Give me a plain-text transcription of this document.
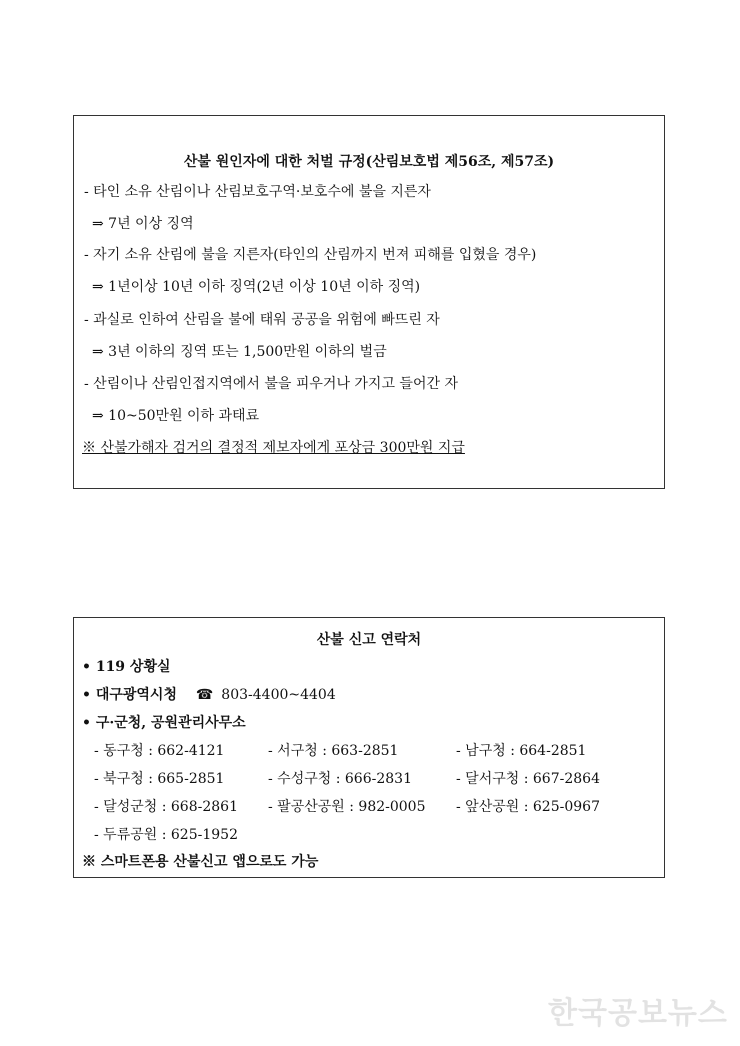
산불 원인자에 대한 처벌 규정(산림보호법 제56조, 제57조)
- 타인 소유 산림이나 산림보호구역·보호수에 불을 지른자
⇒ 7년 이상 징역
- 자기 소유 산림에 불을 지른자(타인의 산림까지 번져 피해를 입혔을 경우)
⇒ 1년이상 10년 이하 징역(2년 이상 10년 이하 징역)
- 과실로 인하여 산림을 불에 태워 공공을 위험에 빠뜨린 자
⇒ 3년 이하의 징역 또는 1,500만원 이하의 벌금
- 산림이나 산림인접지역에서 불을 피우거나 가지고 들어간 자
⇒ 10~50만원 이하 과태료
※ 산불가해자 검거의 결정적 제보자에게 포상금 300만원 지급
산불 신고 연락처
• 119 상황실
• 대구광역시청 ☎ 803-4400~4404
• 구·군청, 공원관리사무소
- 동구청 : 662-4121	- 서구청 : 663-2851	- 남구청 : 664-2851
- 북구청 : 665-2851	- 수성구청 : 666-2831	- 달서구청 : 667-2864
- 달성군청 : 668-2861 - 팔공산공원 : 982-0005 - 앞산공원 : 625-0967
- 두류공원 : 625-1952
※ 스마트폰용 산불신고 앱으로도 가능
한국공보뉴스
